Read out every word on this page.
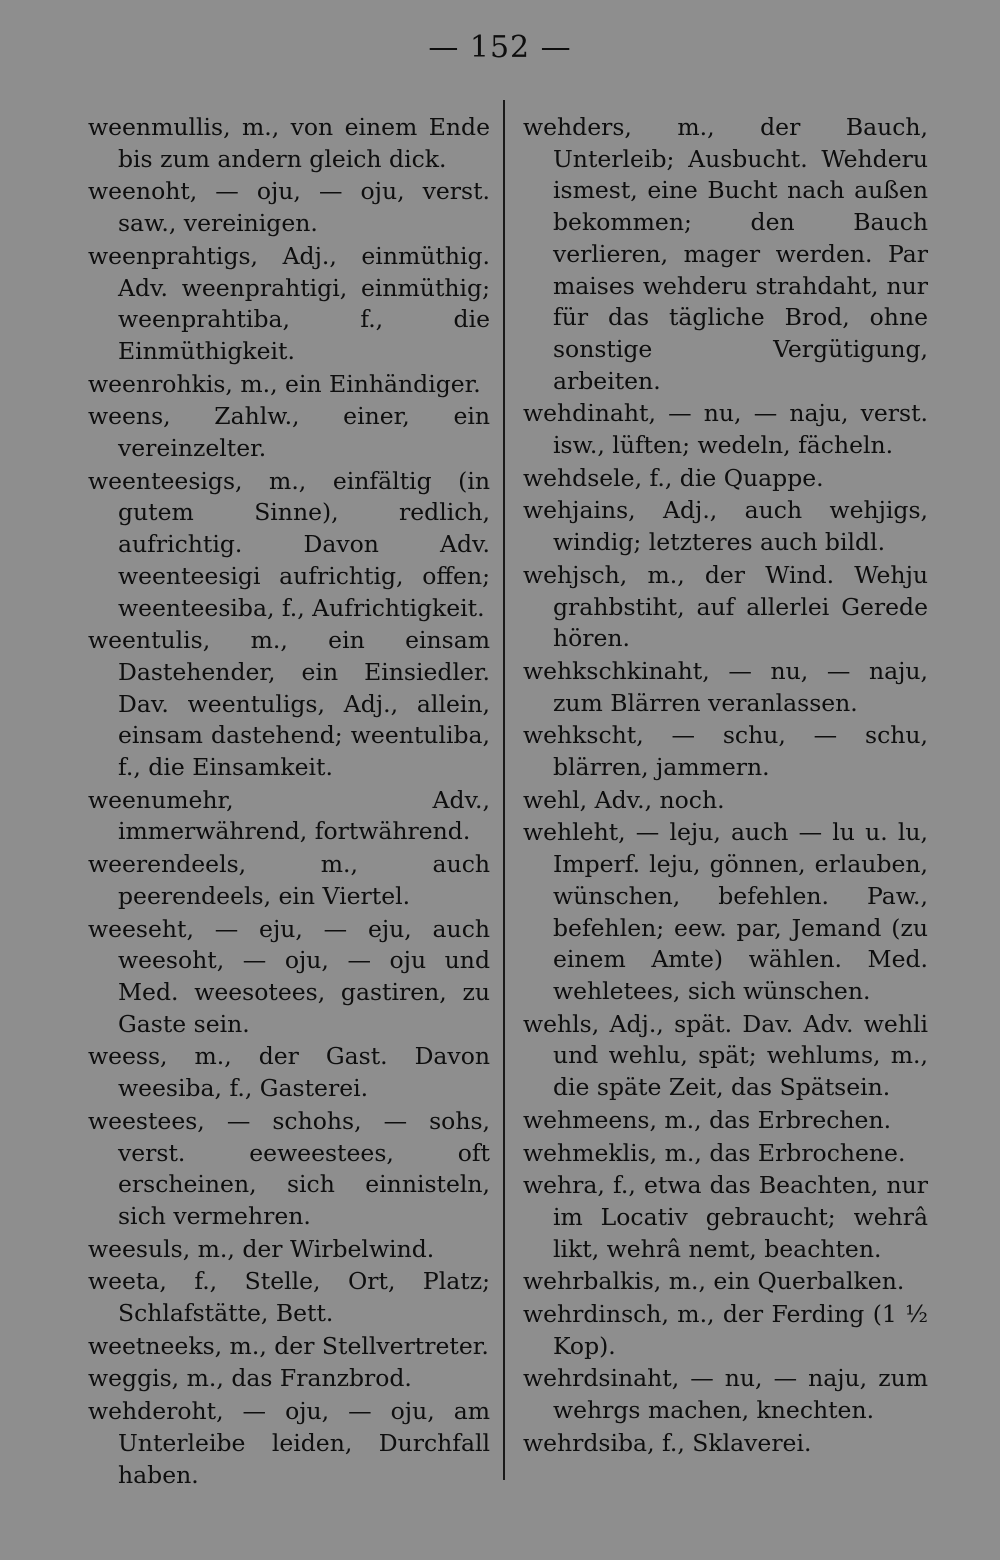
— 152 —

weenmullis, m., von einem Ende bis zum andern gleich dick.

weenoht, — oju, — oju, verst. saw., vereinigen.

weenprahtigs, Adj., einmüthig. Adv. weenprahtigi, einmüthig; weenprahtiba, f., die Einmüthigkeit.

weenrohkis, m., ein Einhändiger.

weens, Zahlw., einer, ein vereinzelter.

weenteesigs, m., einfältig (in gutem Sinne), redlich, aufrichtig. Davon Adv. weenteesigi aufrichtig, offen; weenteesiba, f., Aufrichtigkeit.

weentulis, m., ein einsam Dastehender, ein Einsiedler. Dav. weentuligs, Adj., allein, einsam dastehend; weentuliba, f., die Einsamkeit.

weenumehr, Adv., immerwährend, fortwährend.

weerendeels, m., auch peerendeels, ein Viertel.

weeseht, — eju, — eju, auch weesoht, — oju, — oju und Med. weesotees, gastiren, zu Gaste sein.

weess, m., der Gast. Davon weesiba, f., Gasterei.

weestees, — schohs, — sohs, verst. eeweestees, oft erscheinen, sich einnisteln, sich vermehren.

weesuls, m., der Wirbelwind.

weeta, f., Stelle, Ort, Platz; Schlafstätte, Bett.

weetneeks, m., der Stellvertreter.

weggis, m., das Franzbrod.

wehderoht, — oju, — oju, am Unterleibe leiden, Durchfall haben.

wehders, m., der Bauch, Unterleib; Ausbucht. Wehderu ismest, eine Bucht nach außen bekommen; den Bauch verlieren, mager werden. Par maises wehderu strahdaht, nur für das tägliche Brod, ohne sonstige Vergütigung, arbeiten.

wehdinaht, — nu, — naju, verst. isw., lüften; wedeln, fächeln.

wehdsele, f., die Quappe.

wehjains, Adj., auch wehjigs, windig; letzteres auch bildl.

wehjsch, m., der Wind. Wehju grahbstiht, auf allerlei Gerede hören.

wehkschkinaht, — nu, — naju, zum Blärren veranlassen.

wehkscht, — schu, — schu, blärren, jammern.

wehl, Adv., noch.

wehleht, — leju, auch — lu u. lu, Imperf. leju, gönnen, erlauben, wünschen, befehlen. Paw., befehlen; eew. par, Jemand (zu einem Amte) wählen. Med. wehletees, sich wünschen.

wehls, Adj., spät. Dav. Adv. wehli und wehlu, spät; wehlums, m., die späte Zeit, das Spätsein.

wehmeens, m., das Erbrechen.

wehmeklis, m., das Erbrochene.

wehra, f., etwa das Beachten, nur im Locativ gebraucht; wehrâ likt, wehrâ nemt, beachten.

wehrbalkis, m., ein Querbalken.

wehrdinsch, m., der Ferding (1 ½ Kop).

wehrdsinaht, — nu, — naju, zum wehrgs machen, knechten.

wehrdsiba, f., Sklaverei.
